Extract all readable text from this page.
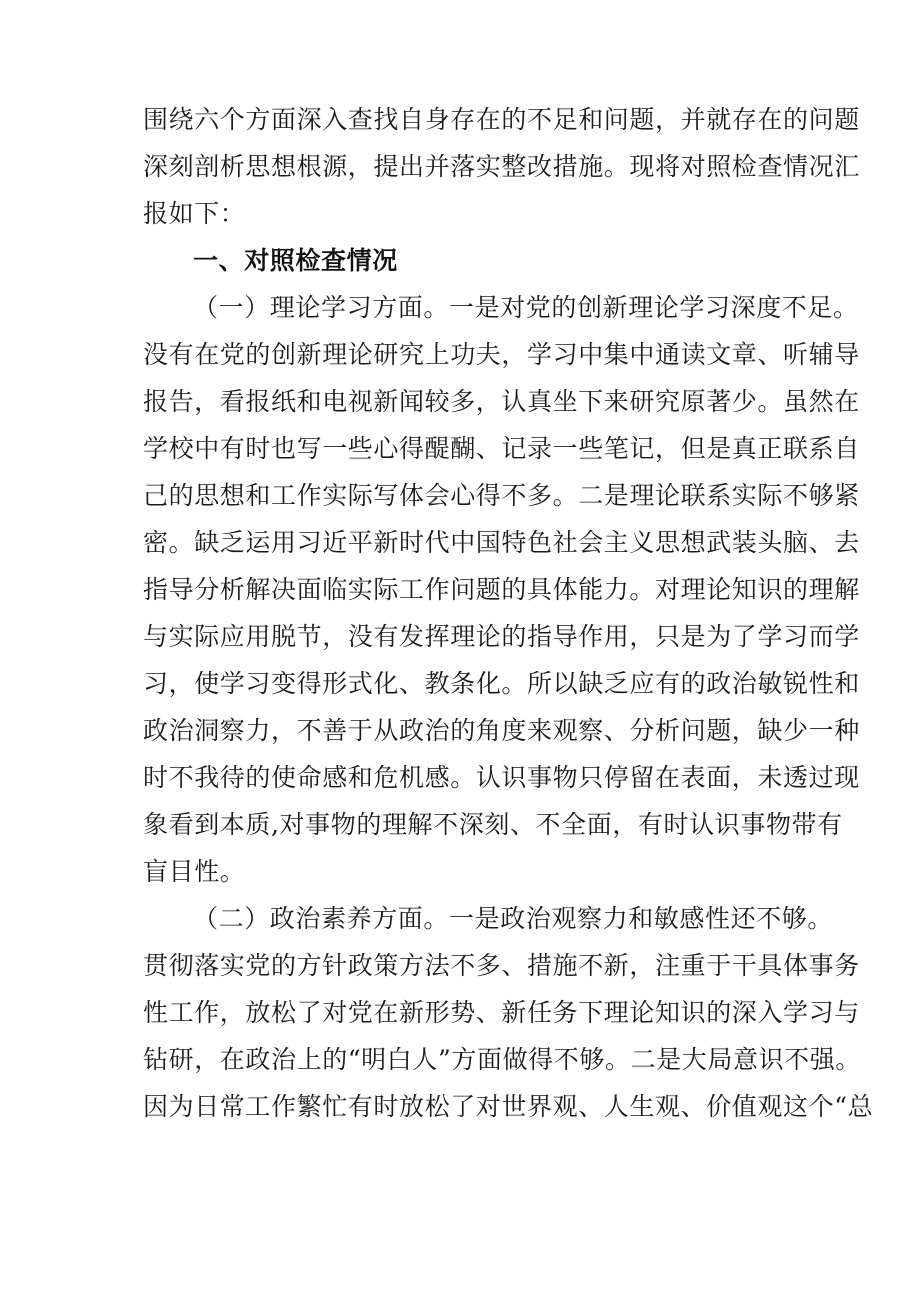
围绕六个方面深入查找自身存在的不足和问题，并就存在的问题
深刻剖析思想根源，提出并落实整改措施。现将对照检查情况汇
报如下：
一、对照检查情况
（一）理论学习方面。一是对党的创新理论学习深度不足。
没有在党的创新理论研究上功夫，学习中集中通读文章、听辅导
报告，看报纸和电视新闻较多，认真坐下来研究原著少。虽然在
学校中有时也写一些心得醍醐、记录一些笔记，但是真正联系自
己的思想和工作实际写体会心得不多。二是理论联系实际不够紧
密。缺乏运用习近平新时代中国特色社会主义思想武装头脑、去
指导分析解决面临实际工作问题的具体能力。对理论知识的理解
与实际应用脱节，没有发挥理论的指导作用，只是为了学习而学
习，使学习变得形式化、教条化。所以缺乏应有的政治敏锐性和
政治洞察力，不善于从政治的角度来观察、分析问题，缺少一种
时不我待的使命感和危机感。认识事物只停留在表面，未透过现
象看到本质,对事物的理解不深刻、不全面，有时认识事物带有
盲目性。
（二）政治素养方面。一是政治观察力和敏感性还不够。
贯彻落实党的方针政策方法不多、措施不新，注重于干具体事务
性工作，放松了对党在新形势、新任务下理论知识的深入学习与
钻研，在政治上的“明白人”方面做得不够。二是大局意识不强。
因为日常工作繁忙有时放松了对世界观、人生观、价值观这个“总
